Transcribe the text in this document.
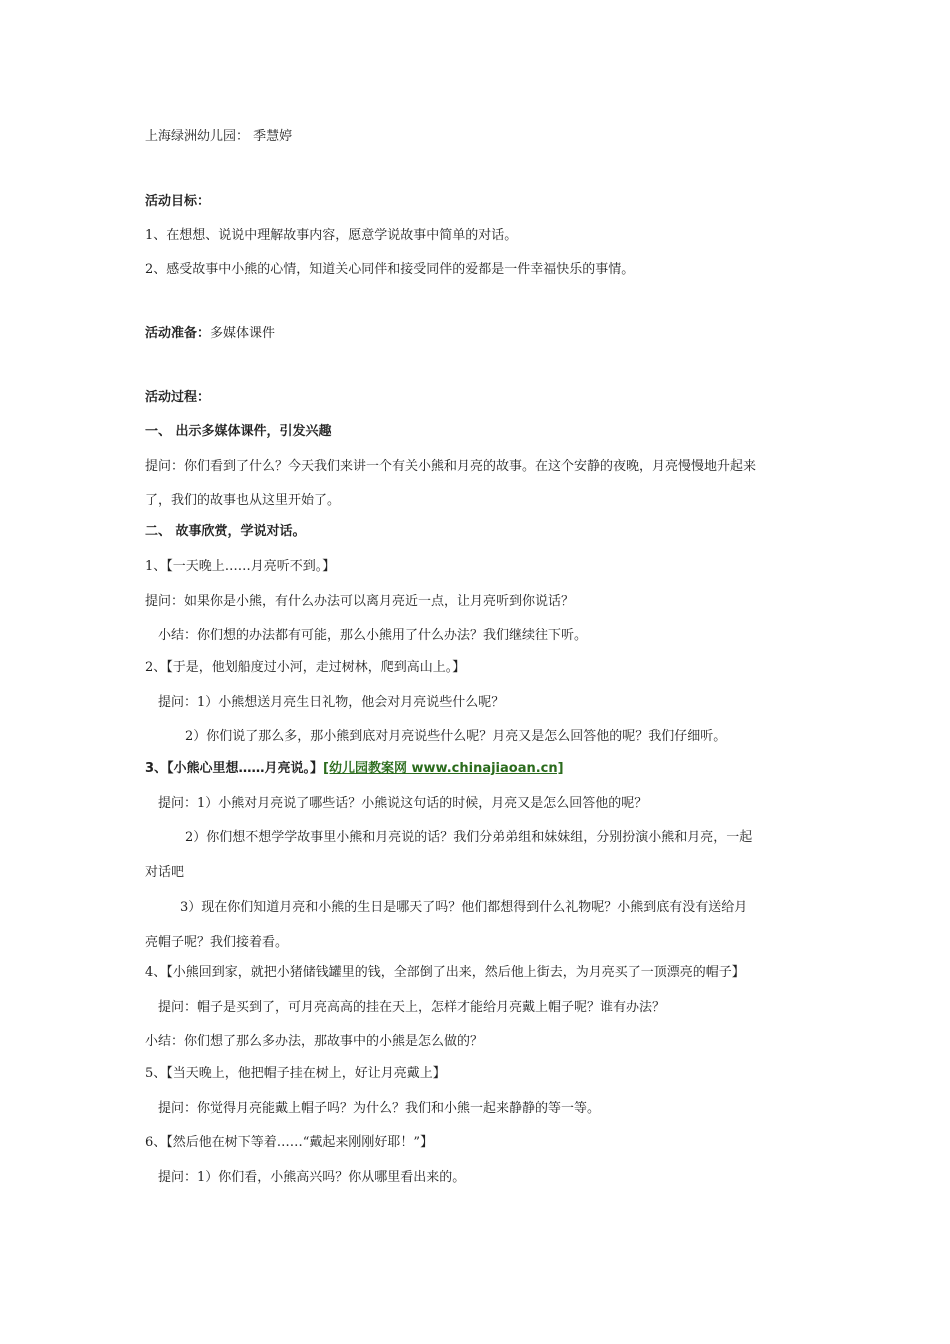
上海绿洲幼儿园： 季慧婷
活动目标：
1、在想想、说说中理解故事内容，愿意学说故事中简单的对话。
2、感受故事中小熊的心情，知道关心同伴和接受同伴的爱都是一件幸福快乐的事情。
活动准备：多媒体课件
活动过程：
一、 出示多媒体课件，引发兴趣
提问：你们看到了什么？今天我们来讲一个有关小熊和月亮的故事。在这个安静的夜晚，月亮慢慢地升起来
了，我们的故事也从这里开始了。
二、 故事欣赏，学说对话。
1、【一天晚上……月亮听不到。】
提问：如果你是小熊，有什么办法可以离月亮近一点，让月亮听到你说话？
小结：你们想的办法都有可能，那么小熊用了什么办法？我们继续往下听。
2、【于是，他划船度过小河，走过树林，爬到高山上。】
提问：1）小熊想送月亮生日礼物，他会对月亮说些什么呢？
2）你们说了那么多，那小熊到底对月亮说些什么呢？月亮又是怎么回答他的呢？我们仔细听。
3、【小熊心里想……月亮说。】[幼儿园教案网 www.chinajiaoan.cn]
提问：1）小熊对月亮说了哪些话？小熊说这句话的时候，月亮又是怎么回答他的呢？
2）你们想不想学学故事里小熊和月亮说的话？我们分弟弟组和妹妹组，分别扮演小熊和月亮，一起
对话吧
3）现在你们知道月亮和小熊的生日是哪天了吗？他们都想得到什么礼物呢？小熊到底有没有送给月
亮帽子呢？我们接着看。
4、【小熊回到家，就把小猪储钱罐里的钱，全部倒了出来，然后他上街去，为月亮买了一顶漂亮的帽子】
提问：帽子是买到了，可月亮高高的挂在天上，怎样才能给月亮戴上帽子呢？谁有办法？
小结：你们想了那么多办法，那故事中的小熊是怎么做的？
5、【当天晚上，他把帽子挂在树上，好让月亮戴上】
提问：你觉得月亮能戴上帽子吗？为什么？我们和小熊一起来静静的等一等。
6、【然后他在树下等着……“戴起来刚刚好耶！”】
提问：1）你们看，小熊高兴吗？你从哪里看出来的。
